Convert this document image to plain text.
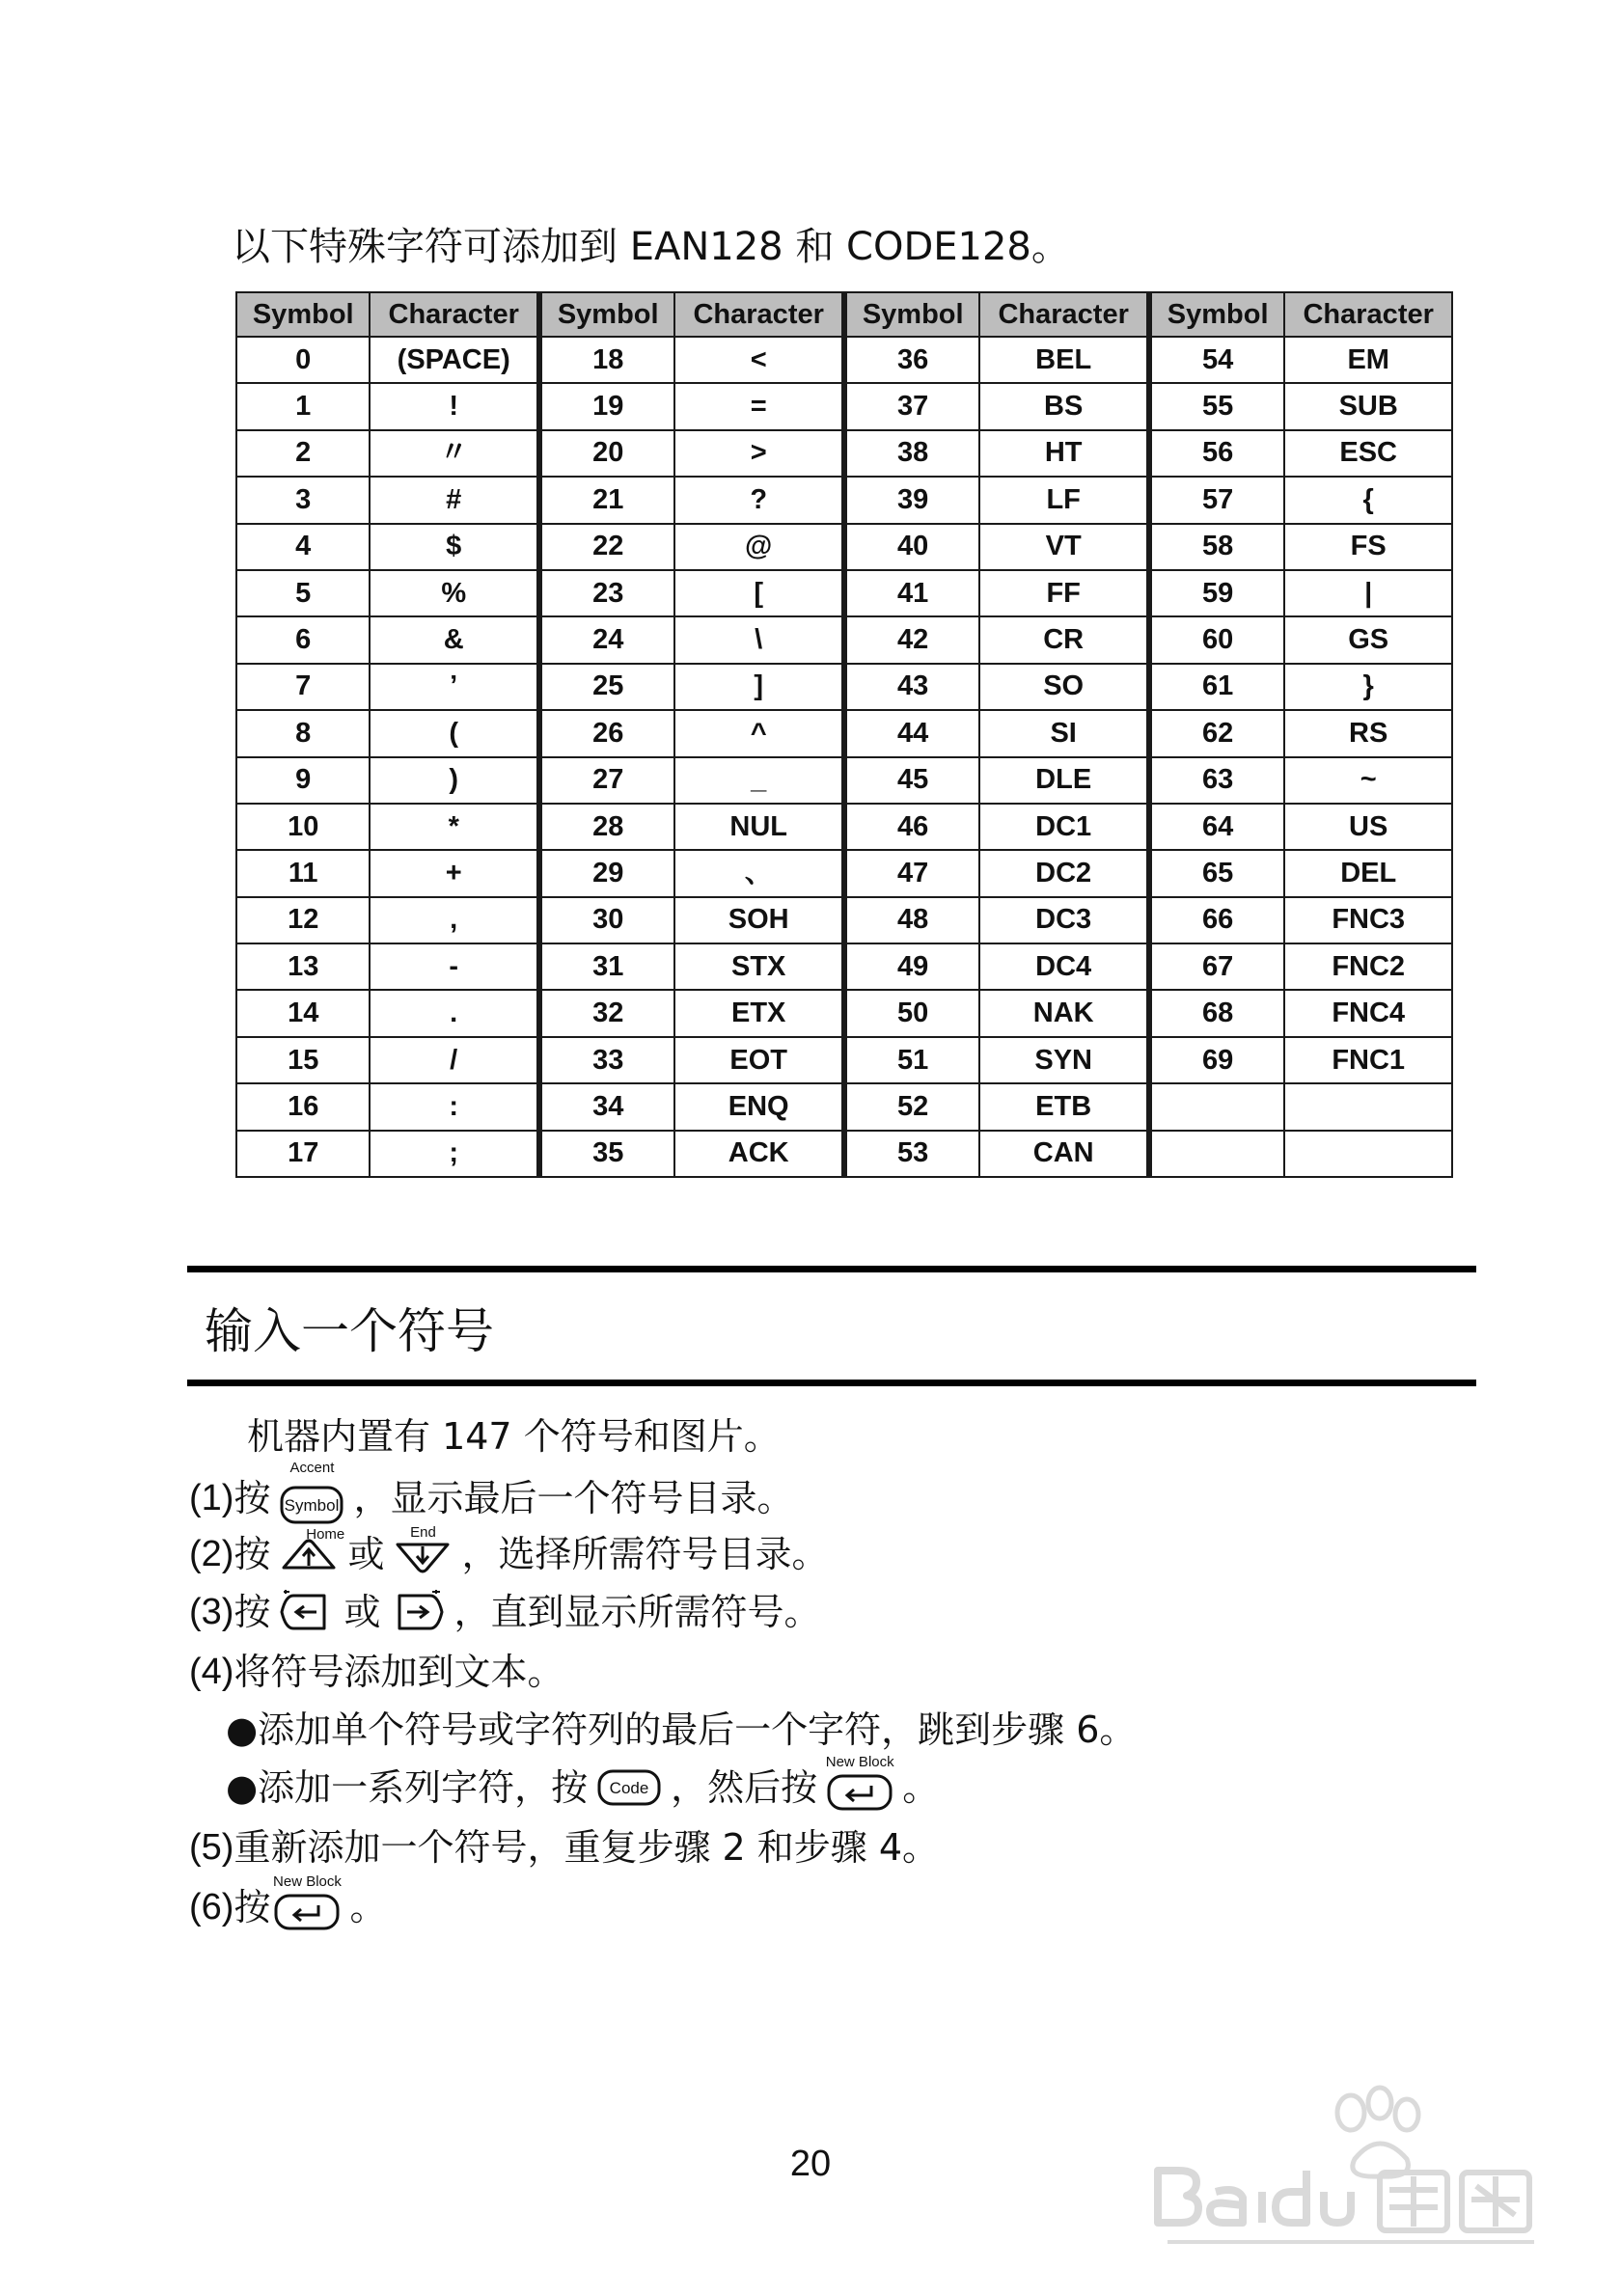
以下特殊字符可添加到 EAN128 和 CODE128。
Symbol	Character	Symbol	Character	Symbol	Character	Symbol	Character
0	(SPACE)	18	<	36	BEL	54	EM
1	!	19	=	37	BS	55	SUB
2	〃	20	>	38	HT	56	ESC
3	#	21	?	39	LF	57	{
4	$	22	@	40	VT	58	FS
5	%	23	[	41	FF	59	|
6	&	24	\	42	CR	60	GS
7	’	25	]	43	SO	61	}
8	(	26	^	44	SI	62	RS
9	)	27	_	45	DLE	63	~
10	*	28	NUL	46	DC1	64	US
11	+	29	、	47	DC2	65	DEL
12	,	30	SOH	48	DC3	66	FNC3
13	-	31	STX	49	DC4	67	FNC2
14	.	32	ETX	50	NAK	68	FNC4
15	/	33	EOT	51	SYN	69	FNC1
16	:	34	ENQ	52	ETB		
17	;	35	ACK	53	CAN		
输入一个符号
机器内置有 147 个符号和图片。
(1) 按
Accent
Symbol ，显示最后一个符号目录。
(2) 按 Home 或
End
，选择所需符号目录。
(3) 按 或 ，直到显示所需符号。
(4) 将符号添加到文本。
●添加单个符号或字符列的最后一个字符，跳到步骤 6。
●添加一系列字符，按 Code ，然后按
New Block
。
(5) 重新添加一个符号，重复步骤 2 和步骤 4。
(6) 按
New Block
。
20
